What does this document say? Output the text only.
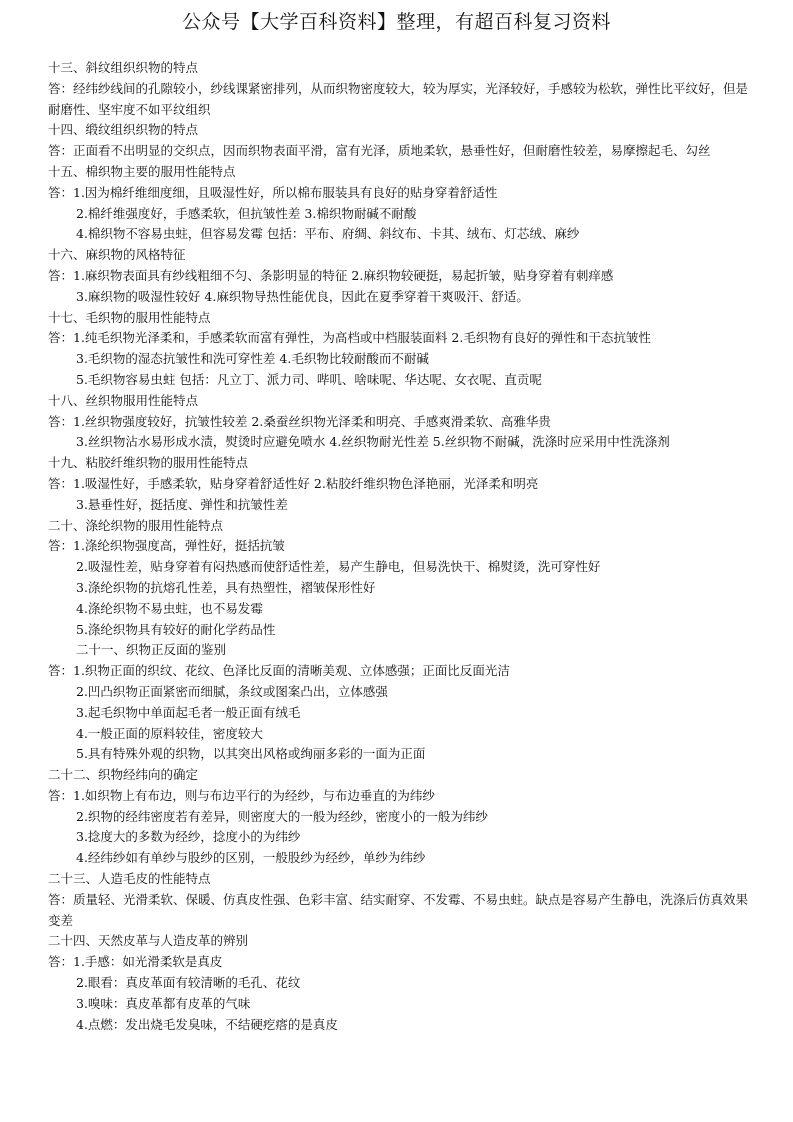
公众号【大学百科资料】整理，有超百科复习资料
十三、斜纹组织织物的特点
答：经纬纱线间的孔隙较小，纱线课紧密排列，从而织物密度较大，较为厚实，光泽较好，手感较为松软，弹性比平纹好，但是耐磨性、坚牢度不如平纹组织
十四、缎纹组织织物的特点
答：正面看不出明显的交织点，因而织物表面平滑，富有光泽，质地柔软，悬垂性好，但耐磨性较差，易摩擦起毛、勾丝
十五、棉织物主要的服用性能特点
答：1.因为棉纤维细度细，且吸湿性好，所以棉布服装具有良好的贴身穿着舒适性
2.棉纤维强度好，手感柔软，但抗皱性差 3.棉织物耐碱不耐酸
4.棉织物不容易虫蛀，但容易发霉 包括：平布、府绸、斜纹布、卡其、绒布、灯芯绒、麻纱
十六、麻织物的风格特征
答：1.麻织物表面具有纱线粗细不匀、条影明显的特征 2.麻织物较硬挺，易起折皱，贴身穿着有刺痒感
3.麻织物的吸湿性较好 4.麻织物导热性能优良，因此在夏季穿着干爽吸汗、舒适。
十七、毛织物的服用性能特点
答：1.纯毛织物光泽柔和，手感柔软而富有弹性，为高档或中档服装面料 2.毛织物有良好的弹性和干态抗皱性
3.毛织物的湿态抗皱性和洗可穿性差 4.毛织物比较耐酸而不耐碱
5.毛织物容易虫蛀 包括：凡立丁、派力司、哔叽、啥味呢、华达呢、女衣呢、直贡呢
十八、丝织物服用性能特点
答：1.丝织物强度较好，抗皱性较差 2.桑蚕丝织物光泽柔和明亮、手感爽滑柔软、高雅华贵
3.丝织物沾水易形成水渍，熨烫时应避免喷水 4.丝织物耐光性差 5.丝织物不耐碱，洗涤时应采用中性洗涤剂
十九、粘胶纤维织物的服用性能特点
答：1.吸湿性好，手感柔软，贴身穿着舒适性好 2.粘胶纤维织物色泽艳丽，光泽柔和明亮
3.悬垂性好，挺括度、弹性和抗皱性差
二十、涤纶织物的服用性能特点
答：1.涤纶织物强度高，弹性好，挺括抗皱
2.吸湿性差，贴身穿着有闷热感而使舒适性差，易产生静电，但易洗快干、棉熨烫，洗可穿性好
3.涤纶织物的抗熔孔性差，具有热塑性，褶皱保形性好
4.涤纶织物不易虫蛀，也不易发霉
5.涤纶织物具有较好的耐化学药品性
二十一、织物正反面的鉴别
答：1.织物正面的织纹、花纹、色泽比反面的清晰美观、立体感强；正面比反面光洁
2.凹凸织物正面紧密而细腻，条纹或图案凸出，立体感强
3.起毛织物中单面起毛者一般正面有绒毛
4.一般正面的原料较佳，密度较大
5.具有特殊外观的织物，以其突出风格或绚丽多彩的一面为正面
二十二、织物经纬向的确定
答：1.如织物上有布边，则与布边平行的为经纱，与布边垂直的为纬纱
2.织物的经纬密度若有差异，则密度大的一般为经纱，密度小的一般为纬纱
3.捻度大的多数为经纱，捻度小的为纬纱
4.经纬纱如有单纱与股纱的区别，一般股纱为经纱，单纱为纬纱
二十三、人造毛皮的性能特点
答：质量轻、光滑柔软、保暖、仿真皮性强、色彩丰富、结实耐穿、不发霉、不易虫蛀。缺点是容易产生静电，洗涤后仿真效果变差
二十四、天然皮革与人造皮革的辨别
答：1.手感：如光滑柔软是真皮
2.眼看：真皮革面有较清晰的毛孔、花纹
3.嗅味：真皮革都有皮革的气味
4.点燃：发出烧毛发臭味，不结硬疙瘩的是真皮
